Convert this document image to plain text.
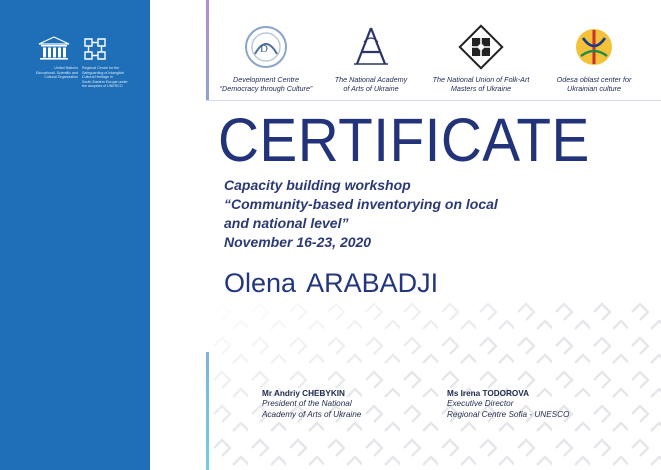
United Nations
Educational, Scientific and
Cultural Organization
Regional Centre for the
Safeguarding of Intangible
Cultural Heritage in
South-Eastern Europe under
the auspices of UNESCO
D
Development Centre
“Democracy through Culture”
The National Academy
of Arts of Ukraine
The National Union of Folk-Art
Masters of Ukraine
Odesa oblast center for
Ukrainian culture
CERTIFICATE
Capacity building workshop
“Community-based inventorying on local
and national level”
November 16-23, 2020
Olena ARABADJI
Mr Andriy CHEBYKIN
President of the National
Academy of Arts of Ukraine
Ms Irena TODOROVA
Executive Director
Regional Centre Sofia - UNESCO
